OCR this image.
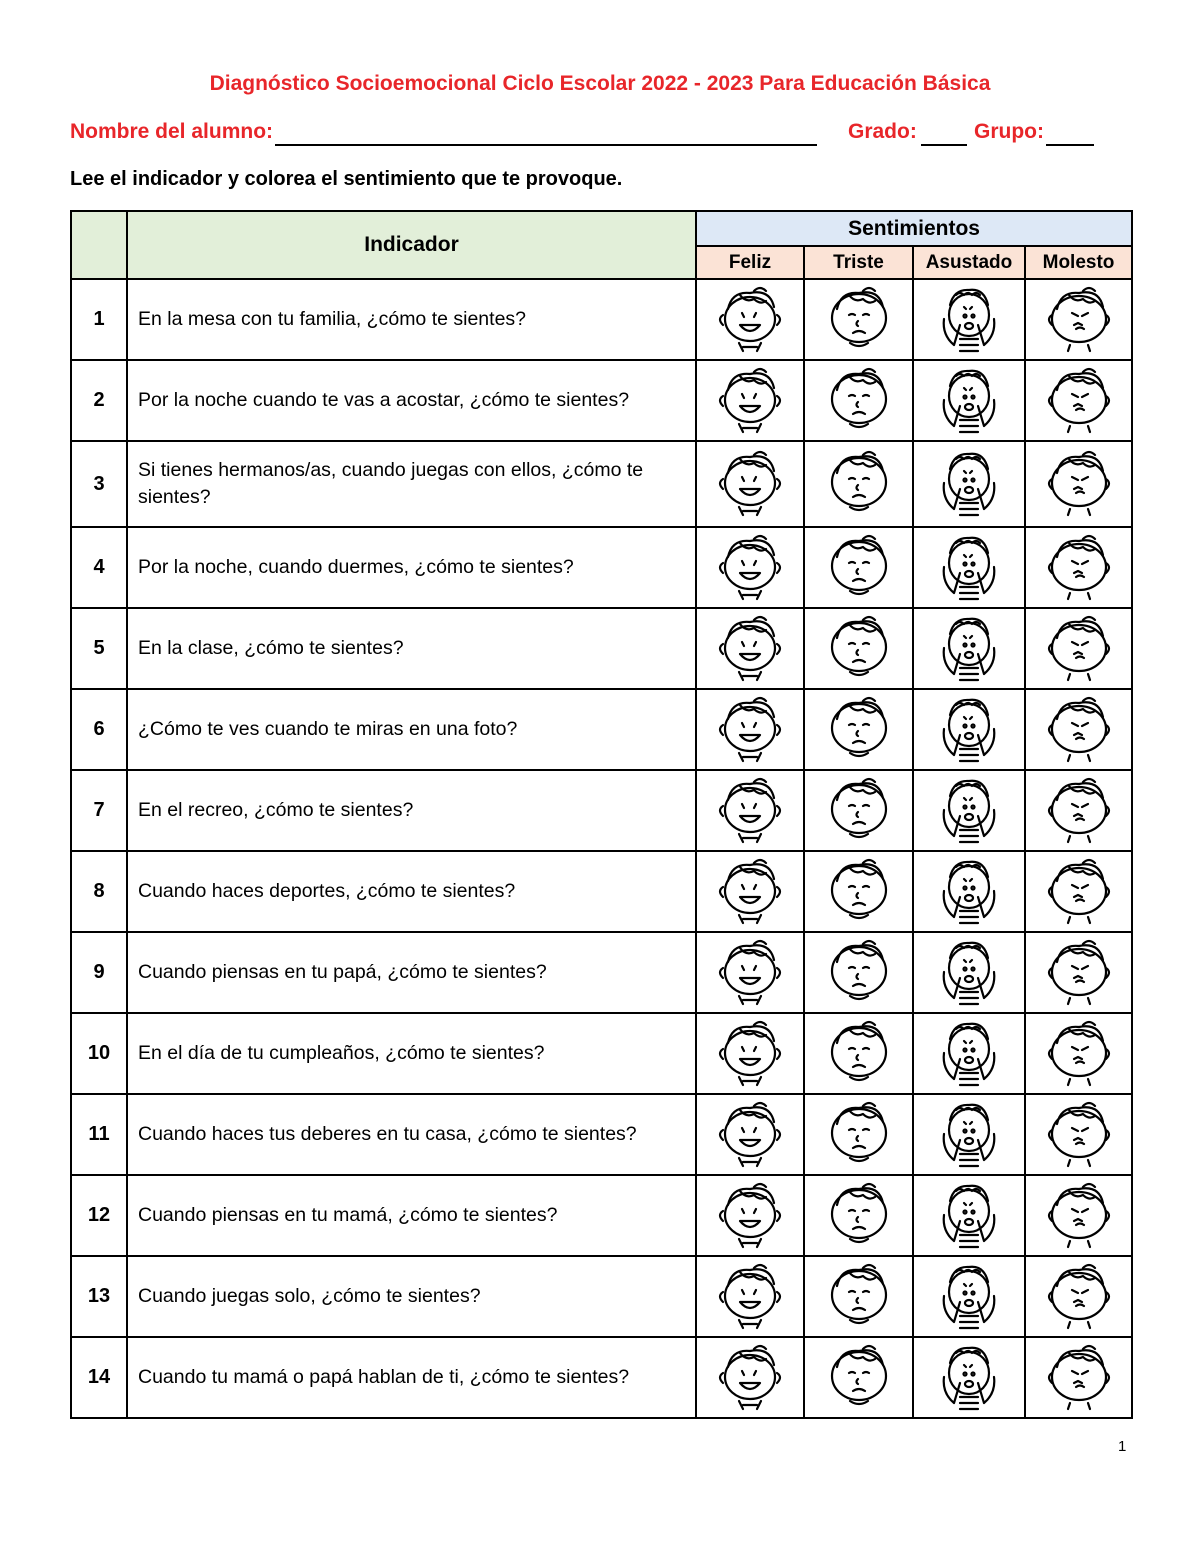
Diagnóstico Socioemocional Ciclo Escolar 2022 - 2023 Para Educación Básica
Nombre del alumno:	Grado:	Grupo:
Lee el indicador y colorea el sentimiento que te provoque.
	Indicador	Sentimientos			
		Feliz	Triste	Asustado	Molesto
1	En la mesa con tu familia, ¿cómo te sientes?	

2	Por la noche cuando te vas a acostar, ¿cómo te sientes?	

3	Si tienes hermanos/as, cuando juegas con ellos, ¿cómo te sientes?	

4	Por la noche, cuando duermes, ¿cómo te sientes?	

5	En la clase, ¿cómo te sientes?	

6	¿Cómo te ves cuando te miras en una foto?	

7	En el recreo, ¿cómo te sientes?	

8	Cuando haces deportes, ¿cómo te sientes?	

9	Cuando piensas en tu papá, ¿cómo te sientes?	

10	En el día de tu cumpleaños, ¿cómo te sientes?	

11	Cuando haces tus deberes en tu casa, ¿cómo te sientes?	

12	Cuando piensas en tu mamá, ¿cómo te sientes?	

13	Cuando juegas solo, ¿cómo te sientes?	

14	Cuando tu mamá o papá hablan de ti, ¿cómo te sientes?	

1
